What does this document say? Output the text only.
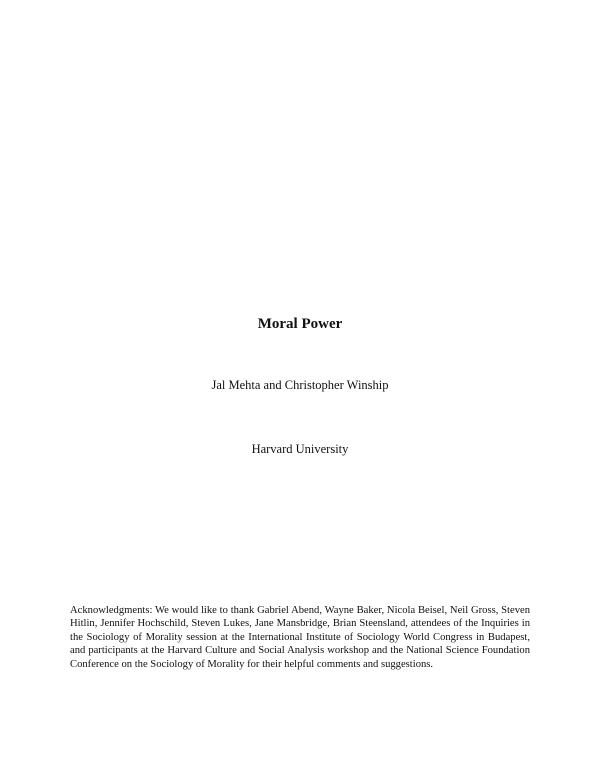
Moral Power
Jal Mehta and Christopher Winship
Harvard University
Acknowledgments: We would like to thank Gabriel Abend, Wayne Baker, Nicola Beisel, Neil Gross, Steven Hitlin, Jennifer Hochschild, Steven Lukes, Jane Mansbridge, Brian Steensland, attendees of the Inquiries in the Sociology of Morality session at the International Institute of Sociology World Congress in Budapest, and participants at the Harvard Culture and Social Analysis workshop and the National Science Foundation Conference on the Sociology of Morality for their helpful comments and suggestions.
